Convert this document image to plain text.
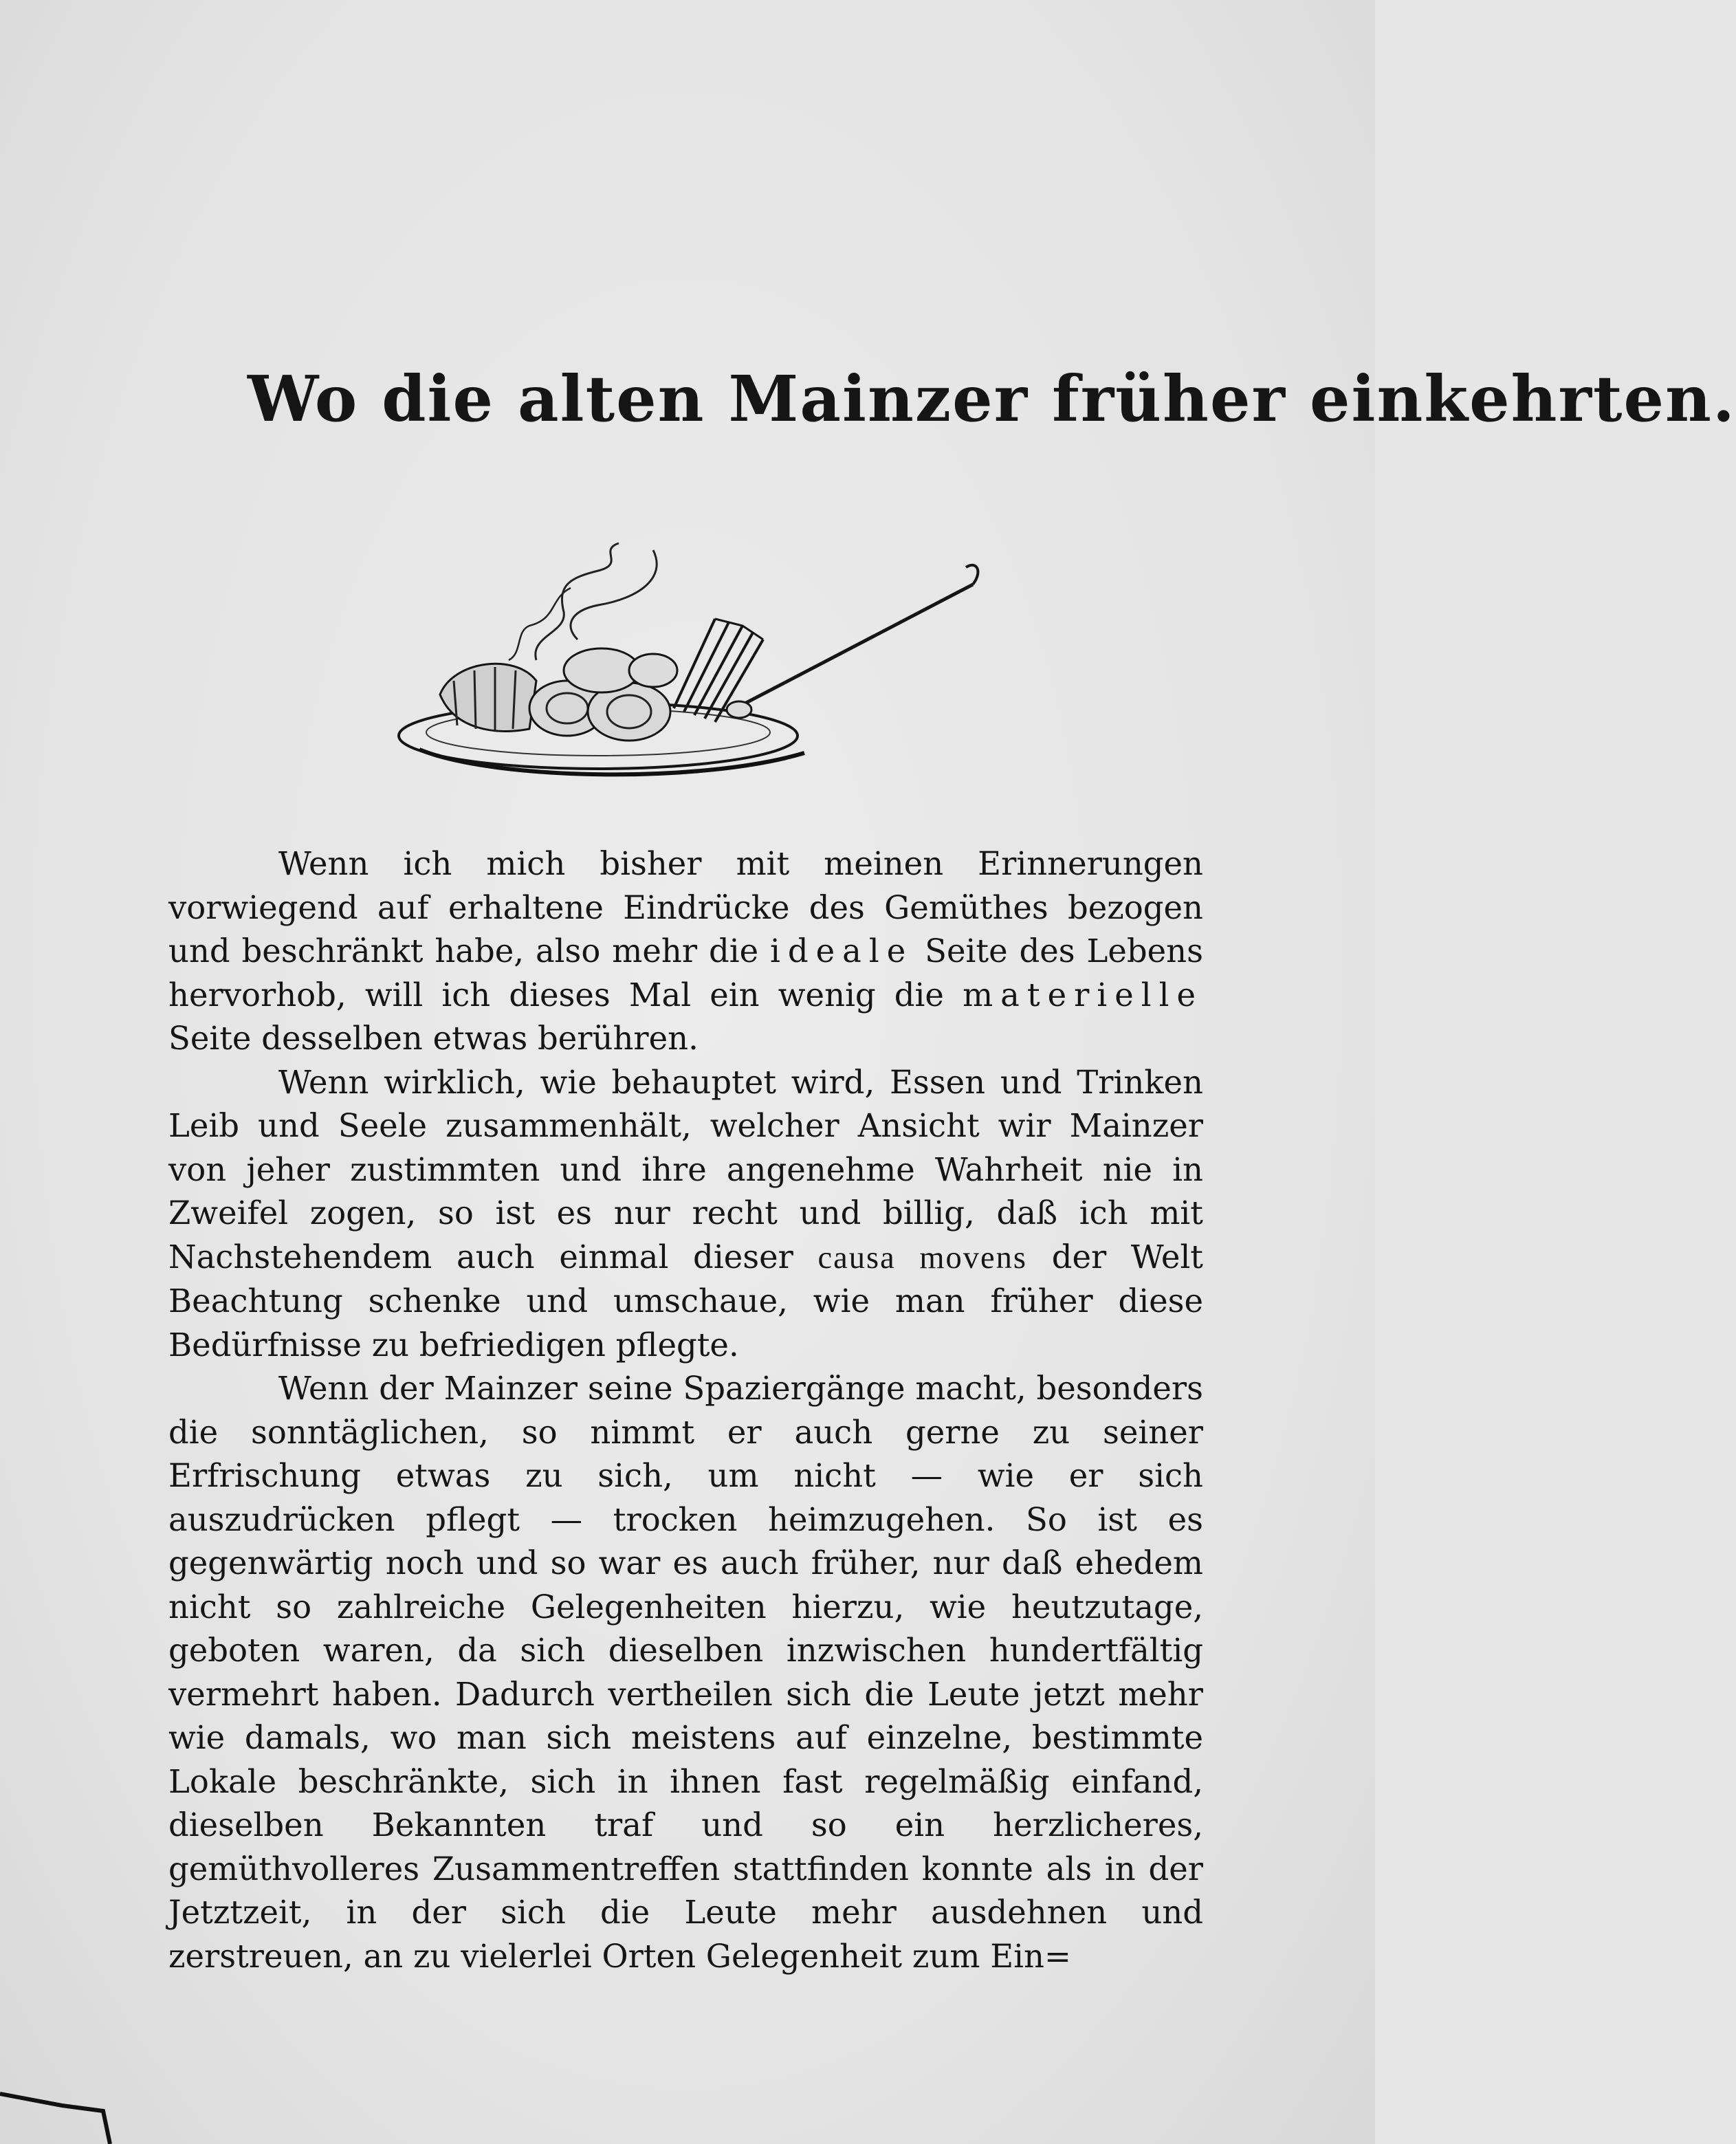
Wo die alten Mainzer früher einkehrten.

Wenn ich mich bisher mit meinen Erinnerungen vorwiegend auf erhaltene Eindrücke des Gemüthes bezogen und beschränkt habe, also mehr die ideale Seite des Lebens hervorhob, will ich dieses Mal ein wenig die materielle Seite desselben etwas berühren.

Wenn wirklich, wie behauptet wird, Essen und Trinken Leib und Seele zusammenhält, welcher Ansicht wir Mainzer von jeher zustimmten und ihre angenehme Wahrheit nie in Zweifel zogen, so ist es nur recht und billig, daß ich mit Nachstehendem auch einmal dieser causa movens der Welt Beachtung schenke und umschaue, wie man früher diese Bedürfnisse zu befriedigen pflegte.

Wenn der Mainzer seine Spaziergänge macht, besonders die sonntäglichen, so nimmt er auch gerne zu seiner Erfrischung etwas zu sich, um nicht — wie er sich auszudrücken pflegt — trocken heimzugehen. So ist es gegenwärtig noch und so war es auch früher, nur daß ehedem nicht so zahlreiche Gelegenheiten hierzu, wie heutzutage, geboten waren, da sich dieselben inzwischen hundertfältig vermehrt haben. Dadurch vertheilen sich die Leute jetzt mehr wie damals, wo man sich meistens auf einzelne, bestimmte Lokale beschränkte, sich in ihnen fast regelmäßig einfand, dieselben Bekannten traf und so ein herzlicheres, gemüthvolleres Zusammentreffen stattfinden konnte als in der Jetztzeit, in der sich die Leute mehr ausdehnen und zerstreuen, an zu vielerlei Orten Gelegenheit zum Ein=
